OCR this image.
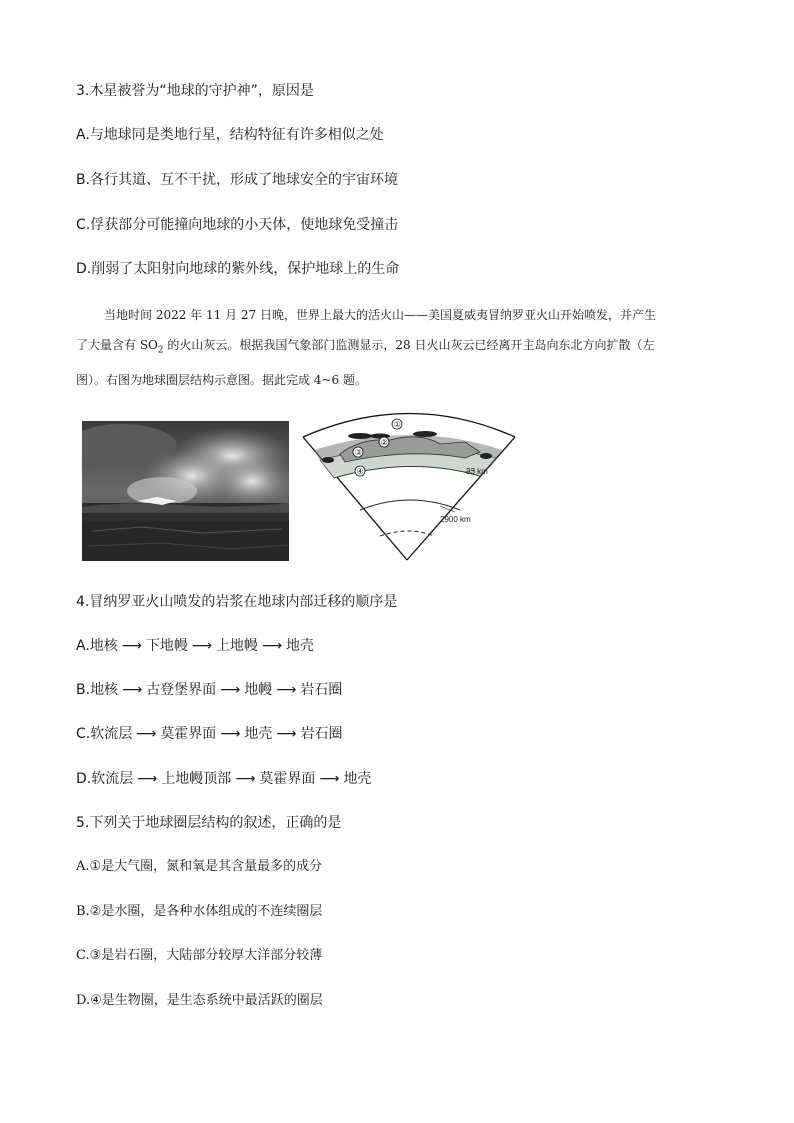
3.木星被誉为“地球的守护神”，原因是
A.与地球同是类地行星，结构特征有许多相似之处
B.各行其道、互不干扰，形成了地球安全的宇宙环境
C.俘获部分可能撞向地球的小天体，使地球免受撞击
D.削弱了太阳射向地球的紫外线，保护地球上的生命
当地时间 2022 年 11 月 27 日晚，世界上最大的活火山——美国夏威夷冒纳罗亚火山开始喷发，并产生
了大量含有 $SO_2$ 的火山灰云。根据我国气象部门监测显示，28 日火山灰云已经离开主岛向东北方向扩散（左
图）。右图为地球圈层结构示意图。据此完成 4~6 题。
①
②
③
④	33 km
2900 km
4.冒纳罗亚火山喷发的岩浆在地球内部迁移的顺序是
A.地核 ⟶ 下地幔 ⟶ 上地幔 ⟶ 地壳
B.地核 ⟶ 古登堡界面 ⟶ 地幔 ⟶ 岩石圈
C.软流层 ⟶ 莫霍界面 ⟶ 地壳 ⟶ 岩石圈
D.软流层 ⟶ 上地幔顶部 ⟶ 莫霍界面 ⟶ 地壳
5.下列关于地球圈层结构的叙述，正确的是
A.①是大气圈，氮和氧是其含量最多的成分
B.②是水圈，是各种水体组成的不连续圈层
C.③是岩石圈，大陆部分较厚大洋部分较薄
D.④是生物圈，是生态系统中最活跃的圈层
